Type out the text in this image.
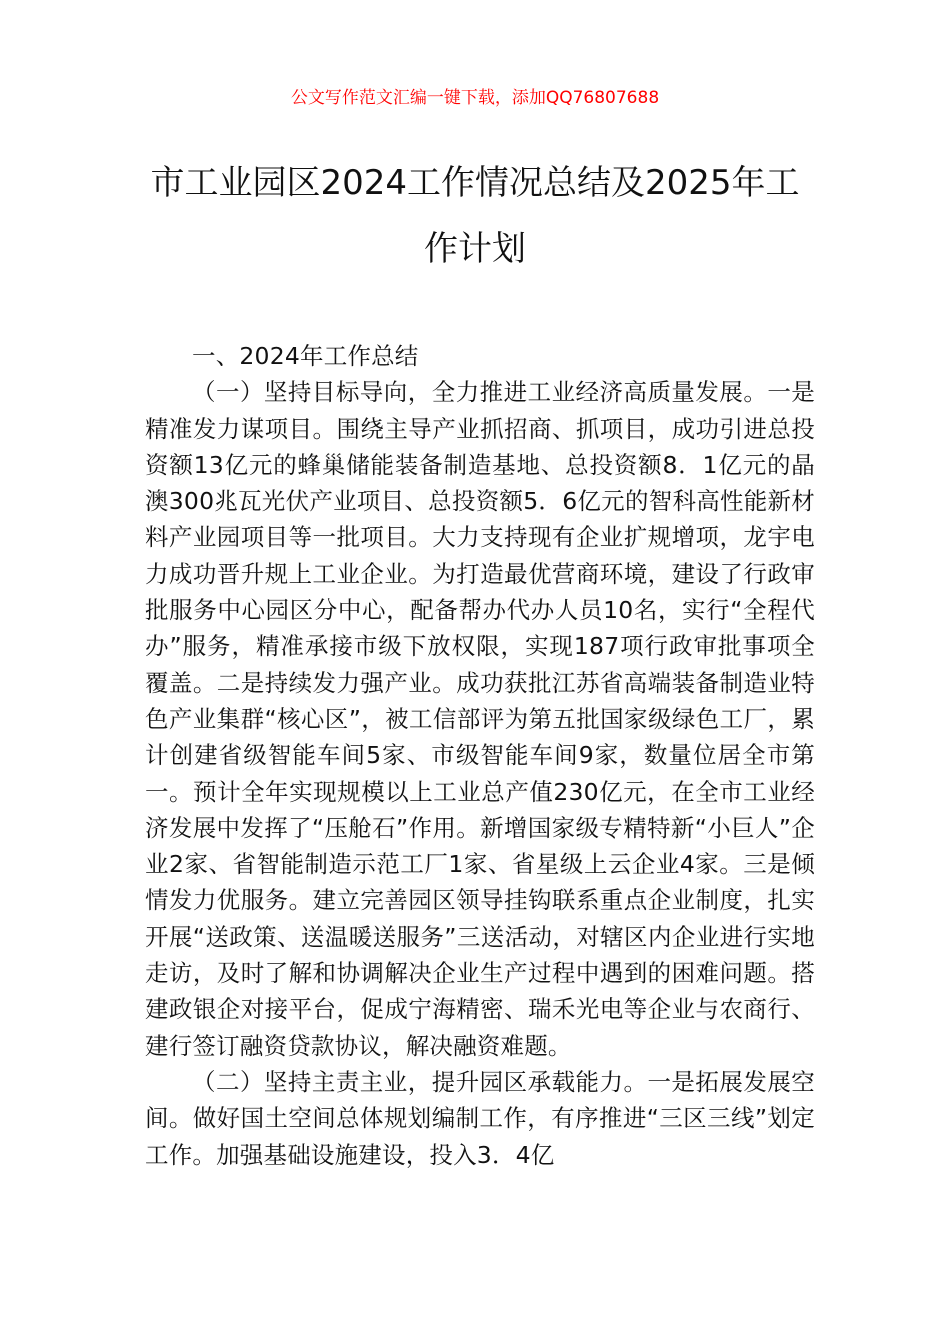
公文写作范文汇编一键下载，添加QQ76807688
市工业园区2024工作情况总结及2025年工作计划

一、2024年工作总结

（一）坚持目标导向，全力推进工业经济高质量发展。一是精准发力谋项目。围绕主导产业抓招商、抓项目，成功引进总投资额13亿元的蜂巢储能装备制造基地、总投资额8．1亿元的晶澳300兆瓦光伏产业项目、总投资额5．6亿元的智科高性能新材料产业园项目等一批项目。大力支持现有企业扩规增项，龙宇电力成功晋升规上工业企业。为打造最优营商环境，建设了行政审批服务中心园区分中心，配备帮办代办人员10名，实行“全程代办”服务，精准承接市级下放权限，实现187项行政审批事项全覆盖。二是持续发力强产业。成功获批江苏省高端装备制造业特色产业集群“核心区”，被工信部评为第五批国家级绿色工厂，累计创建省级智能车间5家、市级智能车间9家，数量位居全市第一。预计全年实现规模以上工业总产值230亿元，在全市工业经济发展中发挥了“压舱石”作用。新增国家级专精特新“小巨人”企业2家、省智能制造示范工厂1家、省星级上云企业4家。三是倾情发力优服务。建立完善园区领导挂钩联系重点企业制度，扎实开展“送政策、送温暖送服务”三送活动，对辖区内企业进行实地走访，及时了解和协调解决企业生产过程中遇到的困难问题。搭建政银企对接平台，促成宁海精密、瑞禾光电等企业与农商行、建行签订融资贷款协议，解决融资难题。

（二）坚持主责主业，提升园区承载能力。一是拓展发展空间。做好国土空间总体规划编制工作，有序推进“三区三线”划定工作。加强基础设施建设，投入3．4亿
